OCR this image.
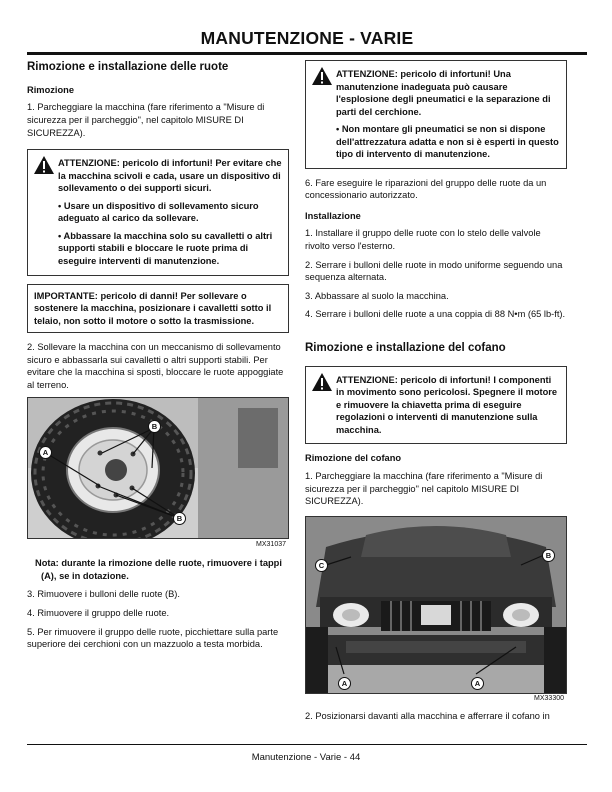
MANUTENZIONE - VARIE
Rimozione e installazione delle ruote
Rimozione

1. Parcheggiare la macchina (fare riferimento a "Misure di sicurezza per il parcheggio", nel capitolo MISURE DI SICUREZZA).

ATTENZIONE: pericolo di infortuni! Per evitare che la macchina scivoli e cada, usare un dispositivo di sollevamento o dei supporti sicuri.

• Usare un dispositivo di sollevamento sicuro adeguato al carico da sollevare.

• Abbassare la macchina solo su cavalletti o altri supporti stabili e bloccare le ruote prima di eseguire interventi di manutenzione.

IMPORTANTE: pericolo di danni! Per sollevare o sostenere la macchina, posizionare i cavalletti sotto il telaio, non sotto il motore o sotto la trasmissione.

2. Sollevare la macchina con un meccanismo di sollevamento sicuro e abbassarla sui cavalletti o altri supporti stabili. Per evitare che la macchina si sposti, bloccare le ruote appoggiate al terreno.

B
A
B
MX31037

Nota: durante la rimozione delle ruote, rimuovere i tappi (A), se in dotazione.

3. Rimuovere i bulloni delle ruote (B).

4. Rimuovere il gruppo delle ruote.

5. Per rimuovere il gruppo delle ruote, picchiettare sulla parte superiore dei cerchioni con un mazzuolo a testa morbida.

ATTENZIONE: pericolo di infortuni! Una manutenzione inadeguata può causare l'esplosione degli pneumatici e la separazione di parti del cerchione.

• Non montare gli pneumatici se non si dispone dell'attrezzatura adatta e non si è esperti in questo tipo di intervento di manutenzione.

6. Fare eseguire le riparazioni del gruppo delle ruote da un concessionario autorizzato.

Installazione

1. Installare il gruppo delle ruote con lo stelo delle valvole rivolto verso l'esterno.

2. Serrare i bulloni delle ruote in modo uniforme seguendo una sequenza alternata.

3. Abbassare al suolo la macchina.

4. Serrare i bulloni delle ruote a una coppia di 88 N•m (65 lb-ft).

Rimozione e installazione del cofano

ATTENZIONE: pericolo di infortuni! I componenti in movimento sono pericolosi. Spegnere il motore e rimuovere la chiavetta prima di eseguire regolazioni o interventi di manutenzione sulla macchina.

Rimozione del cofano

1. Parcheggiare la macchina (fare riferimento a "Misure di sicurezza per il parcheggio" nel capitolo MISURE DI SICUREZZA).

C
B
A	A
MX33300

2. Posizionarsi davanti alla macchina e afferrare il cofano in

Manutenzione - Varie - 44
